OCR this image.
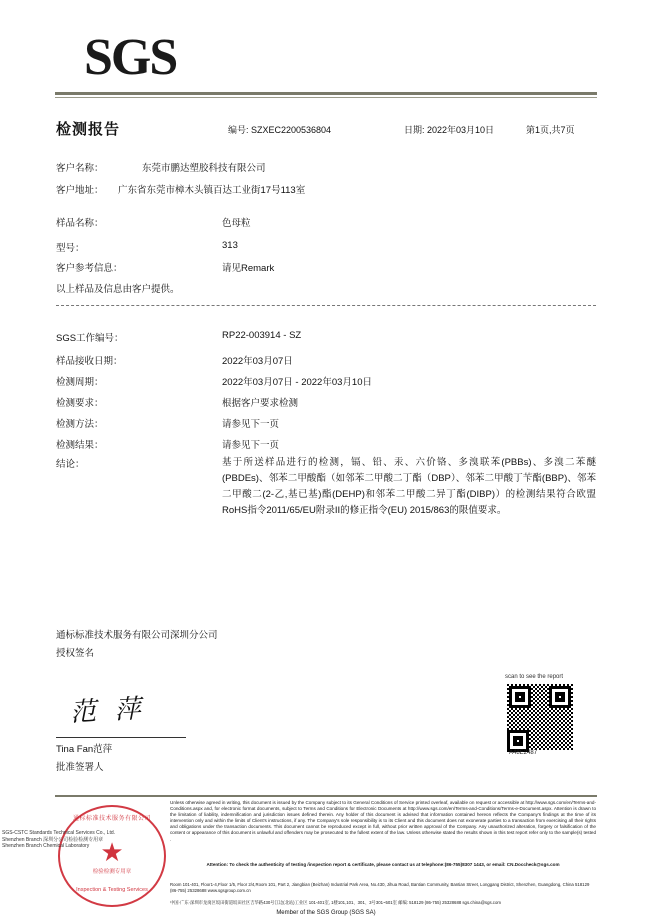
SGS
检测报告	编号: SZXEC2200536804	日期: 2022年03月10日	第1页,共7页
客户名称：	东莞市鹏达塑胶科技有限公司
客户地址： 广东省东莞市樟木头镇百达工业街17号113室
样品名称：	色母粒
型号：	313
客户参考信息：	请见Remark
以上样品及信息由客户提供。
SGS工作编号：	RP22-003914 - SZ
样品接收日期：	2022年03月07日
检测周期：	2022年03月07日 - 2022年03月10日
检测要求：	根据客户要求检测
检测方法：	请参见下一页
检测结果：	请参见下一页
结论：	基于所送样品进行的检测，镉、铅、汞、六价铬、多溴联苯(PBBs)、多溴二苯醚(PBDEs)、邻苯二甲酸酯（如邻苯二甲酸二丁酯（DBP）、邻苯二甲酸丁苄酯(BBP)、邻苯二甲酸二(2-乙,基已基)酯(DEHP)和邻苯二甲酸二异丁酯(DIBP)）的检测结果符合欧盟RoHS指令2011/65/EU附录II的修正指令(EU) 2015/863的限值要求。
通标标准技术服务有限公司深圳分公司
授权签名
范 萍
Tina Fan范萍
批准签署人
scan to see the report
A48E2487
通标标准技术服务有限公司
★
检验检测专用章
Inspection & Testing Services
SGS-CSTC Standards Technical Services Co., Ltd. Shenzhen Branch 深圳分公司检验检测专用章 Shenzhen Branch Chemical Laboratory
Unless otherwise agreed in writing, this document is issued by the Company subject to its General Conditions of Service printed overleaf, available on request or accessible at http://www.sgs.com/en/Terms-and-Conditions.aspx and, for electronic format documents, subject to Terms and Conditions for Electronic Documents at http://www.sgs.com/en/Terms-and-Conditions/Terms-e-Document.aspx. Attention is drawn to the limitation of liability, indemnification and jurisdiction issues defined therein. Any holder of this document is advised that information contained hereon reflects the Company's findings at the time of its intervention only and within the limits of Client's instructions, if any. The Company's sole responsibility is to its Client and this document does not exonerate parties to a transaction from exercising all their rights and obligations under the transaction documents. This document cannot be reproduced except in full, without prior written approval of the Company. Any unauthorized alteration, forgery or falsification of the content or appearance of this document is unlawful and offenders may be prosecuted to the fullest extent of the law. Unless otherwise stated the results shown in this test report refer only to the sample(s) tested .
Attention: To check the authenticity of testing /inspection report & certificate, please contact us at telephone:(86-755)8307 1443, or email: CN.Doccheck@sgs.com
Room 101-401, Floor1-4,Floor 1/5, Floor 2/4,Room 101, Part 2, Jiangbian (Beizhan) Industrial Park Area, No.430, Jihua Road, Bantian Community, Bantian Street, Longgang District, Shenzhen, Guangdong, China 518129 (86-755) 25328688 www.sgsgroup.com.cn
中国·广东·深圳市龙岗区坂田街道坂田社区吉华路430号江边(北站)工业区 101-401室, 1楼101,101、301、3号301~501室 邮编: 518129 (86-755) 25328688 sgs.china@sgs.com
Member of the SGS Group (SGS SA)
